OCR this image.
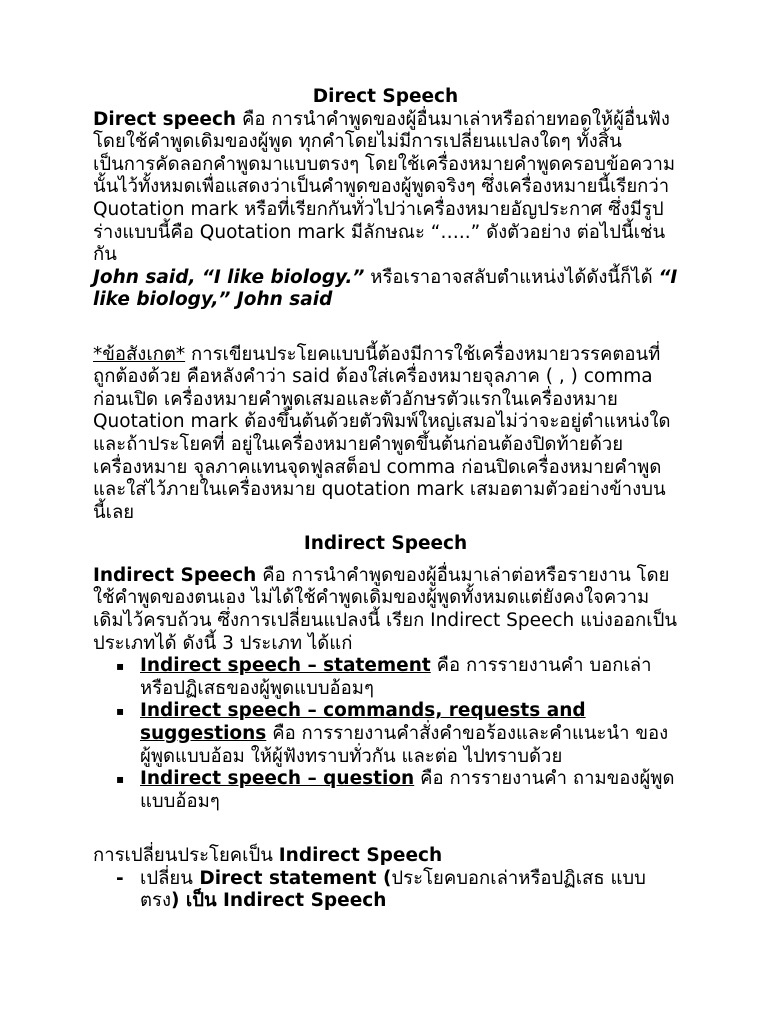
Direct Speech

Direct speech คือ การนำคำพูดของผู้อื่นมาเล่าหรือถ่ายทอดให้ผู้อื่นฟังโดยใช้คำพูดเดิมของผู้พูด ทุกคำโดยไม่มีการเปลี่ยนแปลงใดๆ ทั้งสิ้นเป็นการคัดลอกคำพูดมาแบบตรงๆ โดยใช้เครื่องหมายคำพูดครอบข้อความนั้นไว้ทั้งหมดเพื่อแสดงว่าเป็นคำพูดของผู้พูดจริงๆ ซึ่งเครื่องหมายนี้เรียกว่า Quotation mark หรือที่เรียกกันทั่วไปว่าเครื่องหมายอัญประกาศ ซึ่งมีรูปร่างแบบนี้คือ Quotation mark มีลักษณะ “…..” ดังตัวอย่าง ต่อไปนี้เช่นกัน

John said, “I like biology.” หรือเราอาจสลับตำแหน่งได้ดังนี้ก็ได้ “I like biology,” John said

*ข้อสังเกต* การเขียนประโยคแบบนี้ต้องมีการใช้เครื่องหมายวรรคตอนที่ถูกต้องด้วย คือหลังคำว่า said ต้องใส่เครื่องหมายจุลภาค ( , ) comma ก่อนเปิด เครื่องหมายคำพูดเสมอและตัวอักษรตัวแรกในเครื่องหมาย Quotation mark ต้องขึ้นต้นด้วยตัวพิมพ์ใหญ่เสมอไม่ว่าจะอยู่ตำแหน่งใด และถ้าประโยคที่ อยู่ในเครื่องหมายคำพูดขึ้นต้นก่อนต้องปิดท้ายด้วยเครื่องหมาย จุลภาคแทนจุดฟูลสต็อป comma ก่อนปิดเครื่องหมายคำพูดและใส่ไว้ภายในเครื่องหมาย quotation mark เสมอตามตัวอย่างข้างบนนี้เลย

Indirect Speech

Indirect Speech คือ การนำคำพูดของผู้อื่นมาเล่าต่อหรือรายงาน โดยใช้คำพูดของตนเอง ไม่ได้ใช้คำพูดเดิมของผู้พูดทั้งหมดแต่ยังคงใจความเดิมไว้ครบถ้วน ซึ่งการเปลี่ยนแปลงนี้ เรียก Indirect Speech แบ่งออกเป็นประเภทได้ ดังนี้ 3 ประเภท ได้แก่

▪ Indirect speech – statement คือ การรายงานคำ บอกเล่าหรือปฏิเสธของผู้พูดแบบอ้อมๆ
▪ Indirect speech – commands, requests and suggestions คือ การรายงานคำสั่งคำขอร้องและคำแนะนำ ของผู้พูดแบบอ้อม ให้ผู้ฟังทราบทั่วกัน และต่อ ไปทราบด้วย
▪ Indirect speech – question คือ การรายงานคำ ถามของผู้พูดแบบอ้อมๆ

การเปลี่ยนประโยคเป็น Indirect Speech

- เปลี่ยน Direct statement (ประโยคบอกเล่าหรือปฏิเสธ แบบตรง) เป็น Indirect Speech
